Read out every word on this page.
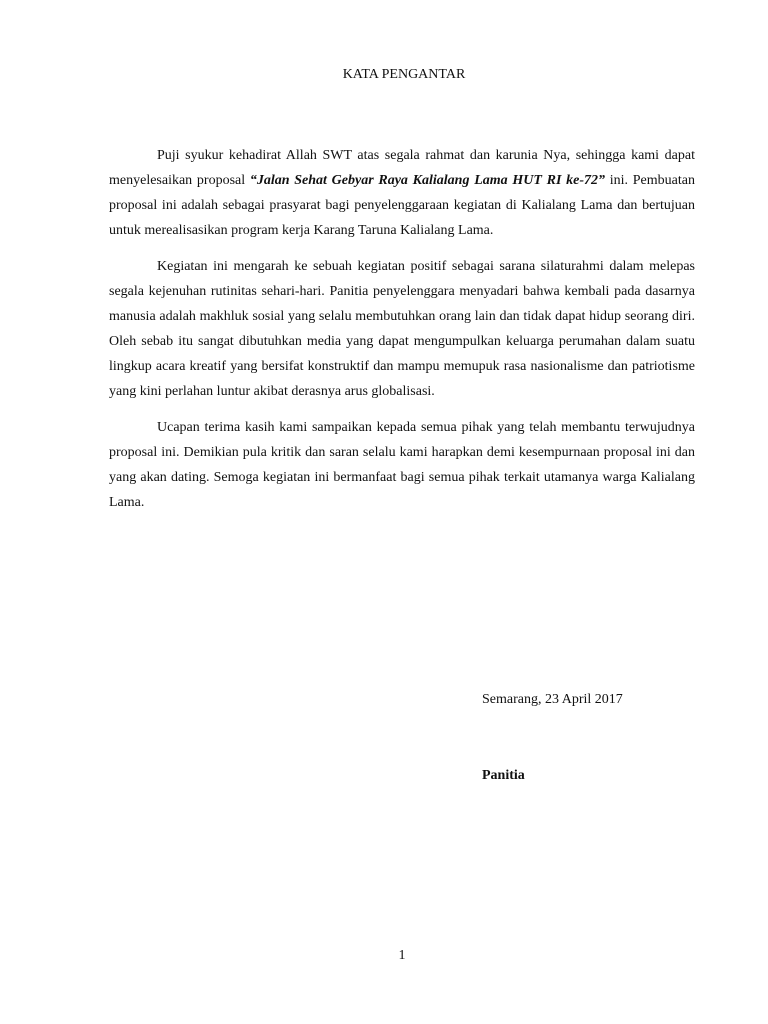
KATA PENGANTAR

Puji syukur kehadirat Allah SWT atas segala rahmat dan karunia Nya, sehingga kami dapat menyelesaikan proposal “Jalan Sehat Gebyar Raya Kalialang Lama HUT RI ke-72” ini. Pembuatan proposal ini adalah sebagai prasyarat bagi penyelenggaraan kegiatan di Kalialang Lama dan bertujuan untuk merealisasikan program kerja Karang Taruna Kalialang Lama.

Kegiatan ini mengarah ke sebuah kegiatan positif sebagai sarana silaturahmi dalam melepas segala kejenuhan rutinitas sehari-hari. Panitia penyelenggara menyadari bahwa kembali pada dasarnya manusia adalah makhluk sosial yang selalu membutuhkan orang lain dan tidak dapat hidup seorang diri. Oleh sebab itu sangat dibutuhkan media yang dapat mengumpulkan keluarga perumahan dalam suatu lingkup acara kreatif yang bersifat konstruktif dan mampu memupuk rasa nasionalisme dan patriotisme yang kini perlahan luntur akibat derasnya arus globalisasi.

Ucapan terima kasih kami sampaikan kepada semua pihak yang telah membantu terwujudnya proposal ini. Demikian pula kritik dan saran selalu kami harapkan demi kesempurnaan proposal ini dan yang akan dating. Semoga kegiatan ini bermanfaat bagi semua pihak terkait utamanya warga Kalialang Lama.

Semarang, 23 April 2017
Panitia
1
